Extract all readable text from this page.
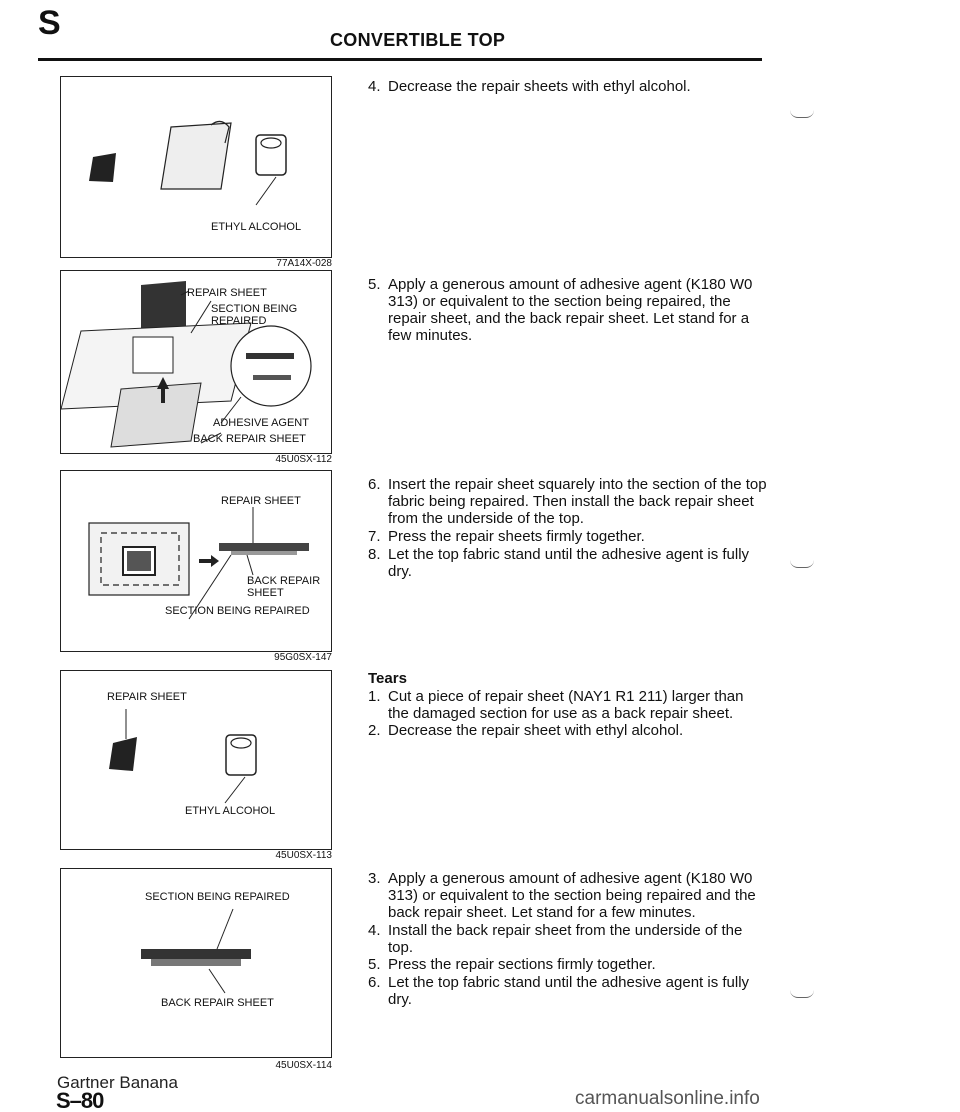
S	CONVERTIBLE TOP
ETHYL ALCOHOL
77A14X-028
REPAIR SHEET
SECTION BEING
REPAIRED
ADHESIVE AGENT
BACK REPAIR SHEET
45U0SX-112
REPAIR SHEET
BACK REPAIR
SHEET
SECTION BEING REPAIRED
95G0SX-147
REPAIR SHEET
ETHYL ALCOHOL
45U0SX-113
SECTION BEING REPAIRED
BACK REPAIR SHEET
45U0SX-114
4. Decrease the repair sheets with ethyl alcohol.
5. Apply a generous amount of adhesive agent (K180 W0 313) or equivalent to the section being repaired, the repair sheet, and the back repair sheet. Let stand for a few minutes.
6. Insert the repair sheet squarely into the section of the top fabric being repaired. Then install the back repair sheet from the underside of the top.
7. Press the repair sheets firmly together.
8. Let the top fabric stand until the adhesive agent is fully dry.
Tears
1. Cut a piece of repair sheet (NAY1 R1 211) larger than the damaged section for use as a back repair sheet.
2. Decrease the repair sheet with ethyl alcohol.
3. Apply a generous amount of adhesive agent (K180 W0 313) or equivalent to the section being repaired and the back repair sheet. Let stand for a few minutes.
4. Install the back repair sheet from the underside of the top.
5. Press the repair sections firmly together.
6. Let the top fabric stand until the adhesive agent is fully dry.
Gartner Banana
S–80	carmanualsonline.info
